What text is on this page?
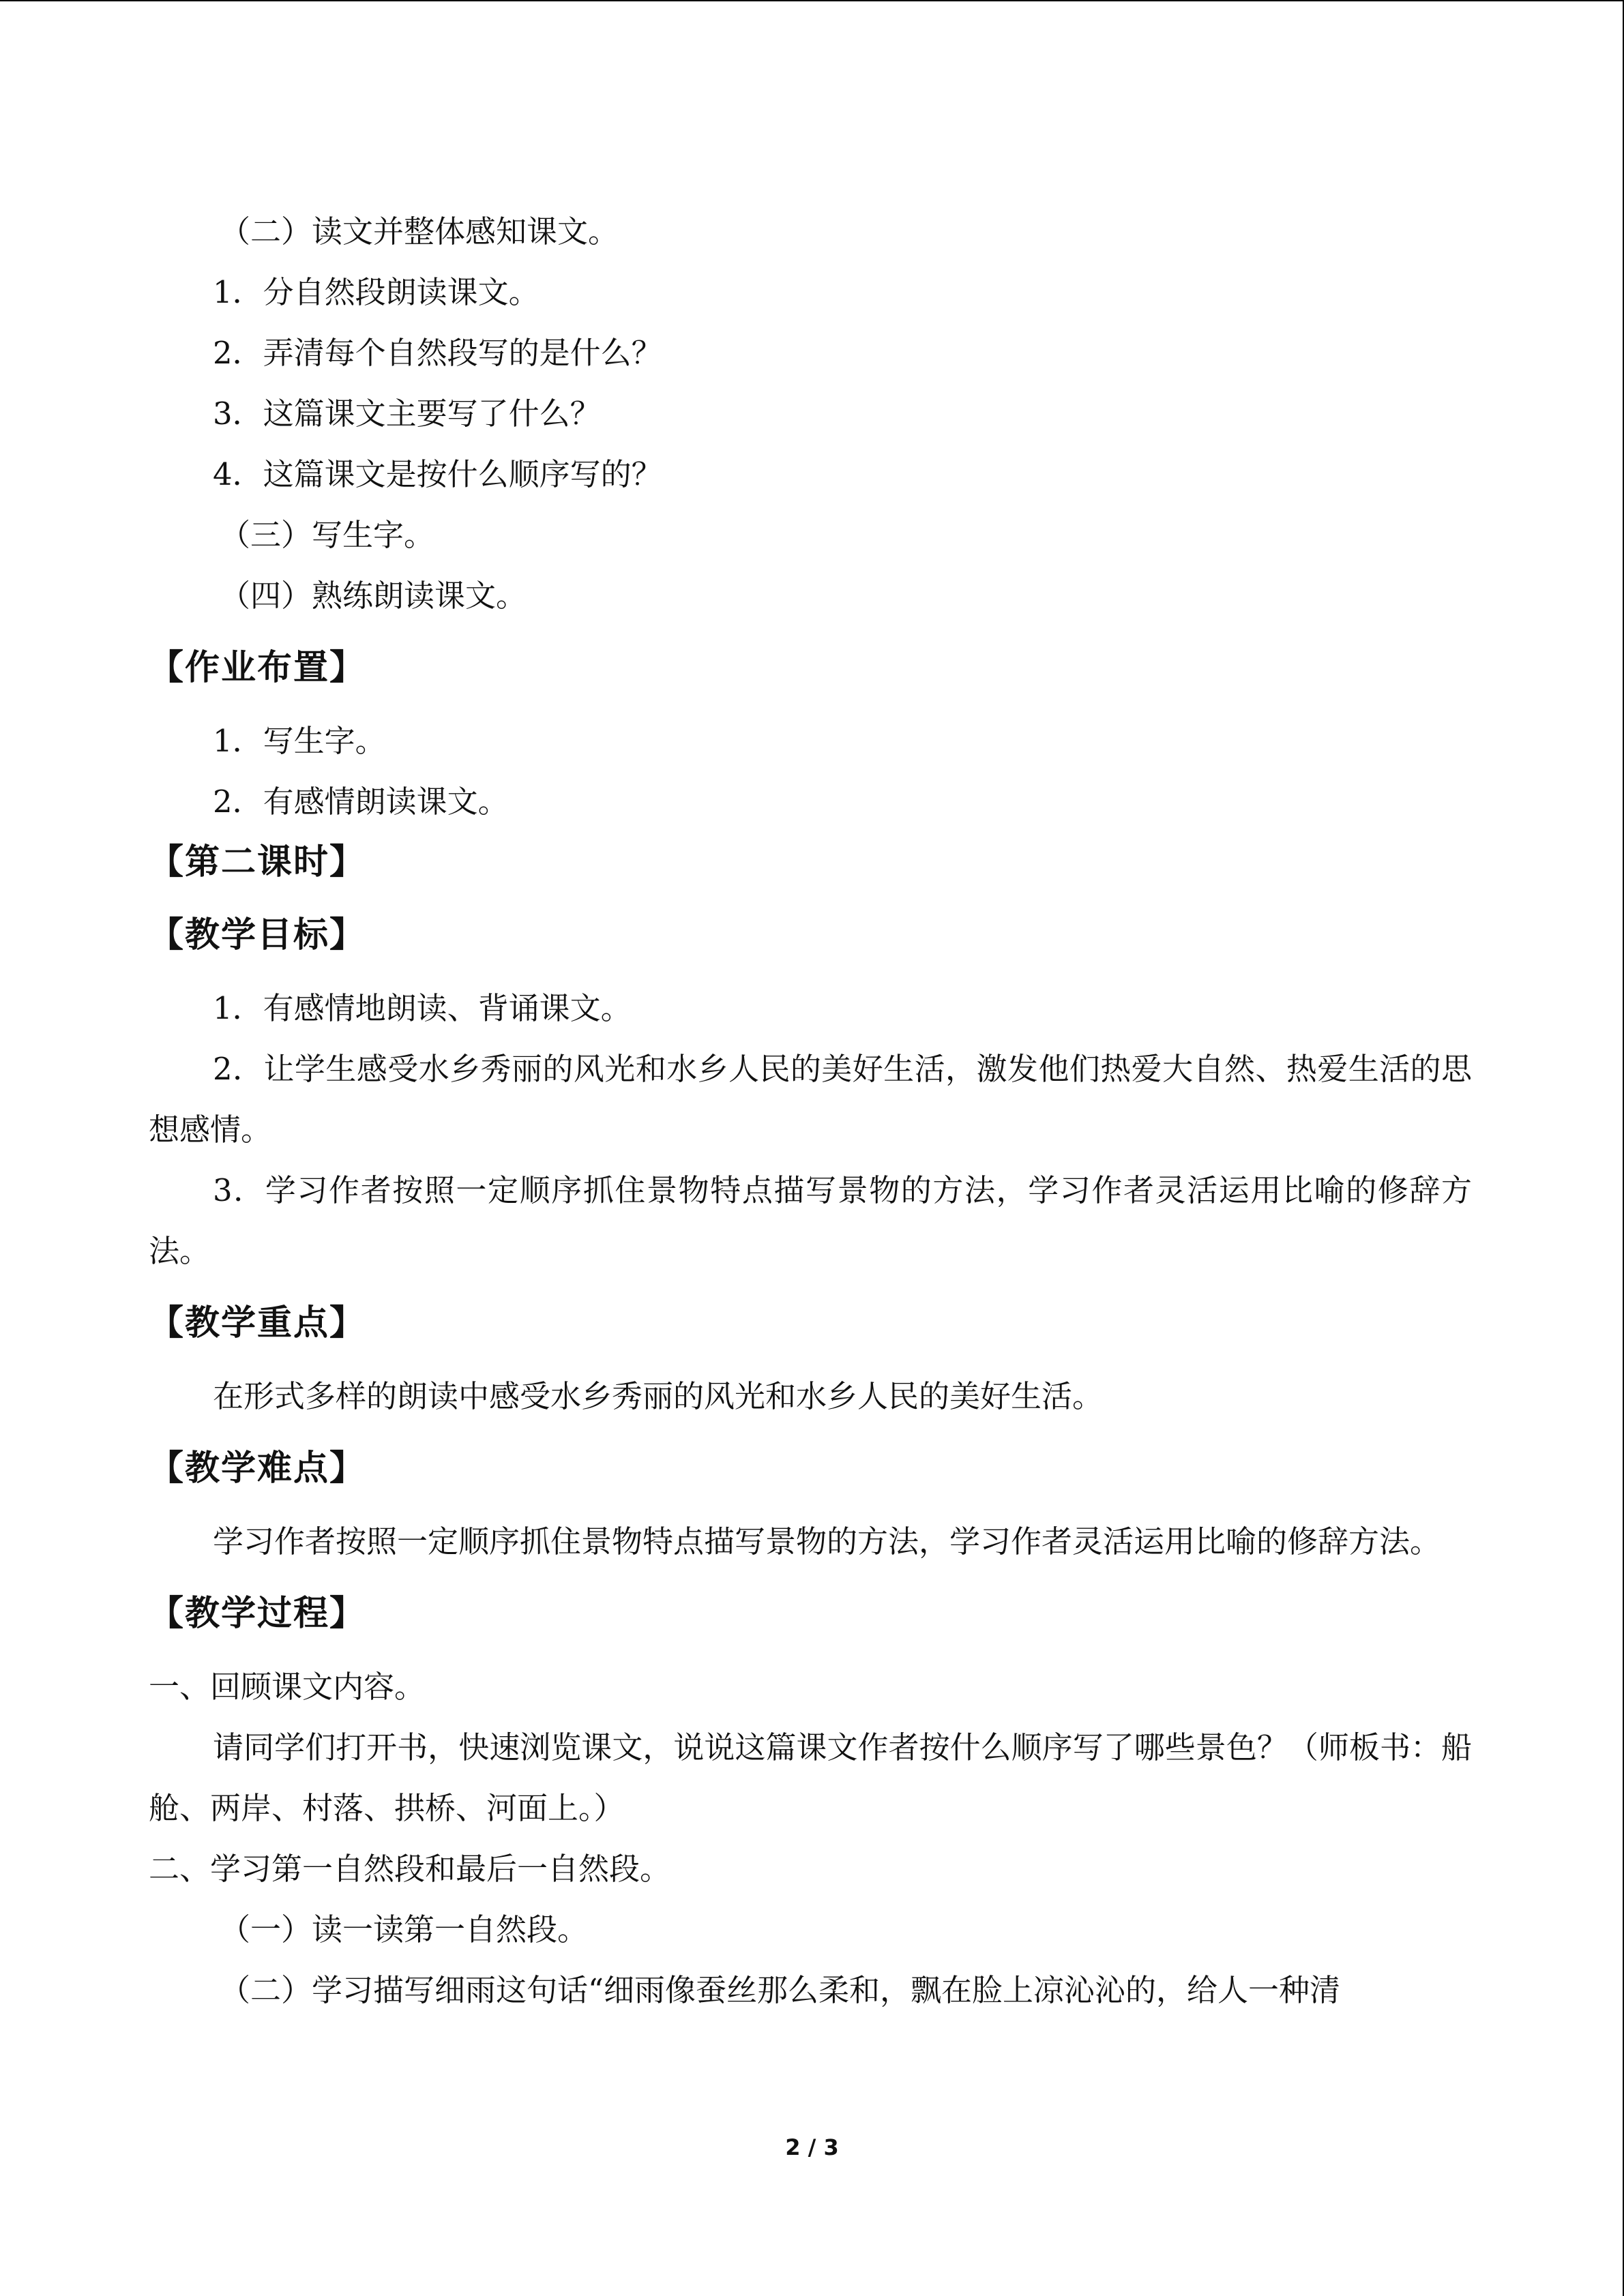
（二）读文并整体感知课文。
1．分自然段朗读课文。
2．弄清每个自然段写的是什么？
3．这篇课文主要写了什么？
4．这篇课文是按什么顺序写的？
（三）写生字。
（四）熟练朗读课文。
【作业布置】
1．写生字。
2．有感情朗读课文。
【第二课时】
【教学目标】
1．有感情地朗读、背诵课文。
2．让学生感受水乡秀丽的风光和水乡人民的美好生活，激发他们热爱大自然、热爱生活的思想感情。
3．学习作者按照一定顺序抓住景物特点描写景物的方法，学习作者灵活运用比喻的修辞方法。
【教学重点】
在形式多样的朗读中感受水乡秀丽的风光和水乡人民的美好生活。
【教学难点】
学习作者按照一定顺序抓住景物特点描写景物的方法，学习作者灵活运用比喻的修辞方法。
【教学过程】
一、回顾课文内容。
请同学们打开书，快速浏览课文，说说这篇课文作者按什么顺序写了哪些景色？（师板书：船舱、两岸、村落、拱桥、河面上。）
二、学习第一自然段和最后一自然段。
（一）读一读第一自然段。
（二）学习描写细雨这句话“细雨像蚕丝那么柔和，飘在脸上凉沁沁的，给人一种清
2 / 3
